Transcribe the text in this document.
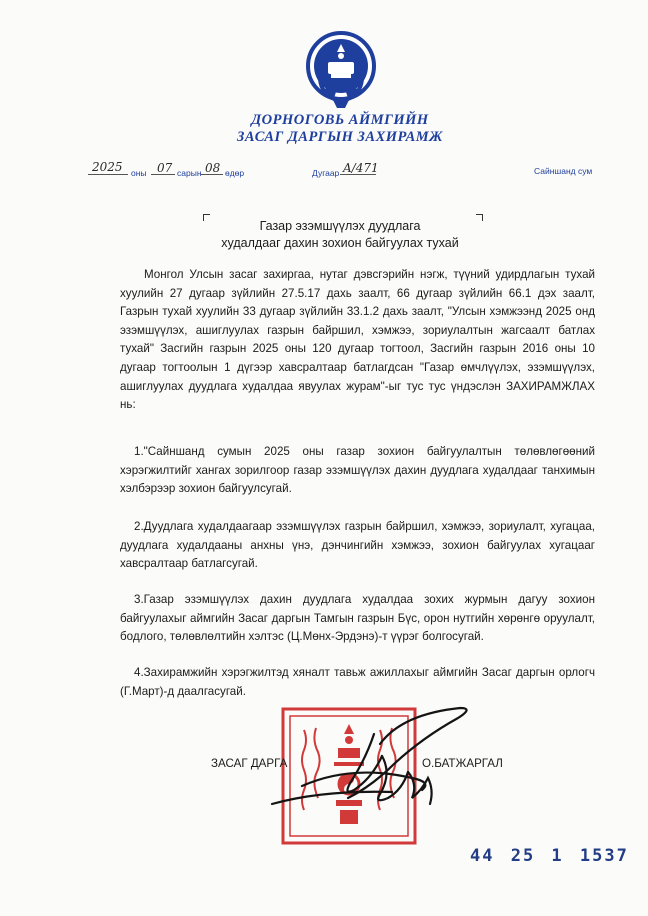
ДОРНОГОВЬ АЙМГИЙН
ЗАСАГ ДАРГЫН ЗАХИРАМЖ
2025 оны 07 сарын 08 өдөр	Дугаар A/471	Сайншанд сум
Газар эзэмшүүлэх дуудлага
худалдааг дахин зохион байгуулах тухай
Монгол Улсын засаг захиргаа, нутаг дэвсгэрийн нэгж, түүний удирдлагын тухай хуулийн 27 дугаар зүйлийн 27.5.17 дахь заалт, 66 дугаар зүйлийн 66.1 дэх заалт, Газрын тухай хуулийн 33 дугаар зүйлийн 33.1.2 дахь заалт, "Улсын хэмжээнд 2025 онд эзэмшүүлэх, ашиглуулах газрын байршил, хэмжээ, зориулалтын жагсаалт батлах тухай" Засгийн газрын 2025 оны 120 дугаар тогтоол, Засгийн газрын 2016 оны 10 дугаар тогтоолын 1 дүгээр хавсралтаар батлагдсан "Газар өмчлүүлэх, эзэмшүүлэх, ашиглуулах дуудлага худалдаа явуулах журам"-ыг тус тус үндэслэн ЗАХИРАМЖЛАХ нь:
1."Сайншанд сумын 2025 оны газар зохион байгуулалтын төлөвлөгөөний хэрэгжилтийг хангах зорилгоор газар эзэмшүүлэх дахин дуудлага худалдааг танхимын хэлбэрээр зохион байгуулсугай.
2.Дуудлага худалдаагаар эзэмшүүлэх газрын байршил, хэмжээ, зориулалт, хугацаа, дуудлага худалдааны анхны үнэ, дэнчингийн хэмжээ, зохион байгуулах хугацааг хавсралтаар батлагсугай.
3.Газар эзэмшүүлэх дахин дуудлага худалдаа зохих журмын дагуу зохион байгуулахыг аймгийн Засаг даргын Тамгын газрын Бүс, орон нутгийн хөрөнгө оруулалт, бодлого, төлөвлөлтийн хэлтэс (Ц.Мөнх-Эрдэнэ)-т үүрэг болгосугай.
4.Захирамжийн хэрэгжилтэд хяналт тавьж ажиллахыг аймгийн Засаг даргын орлогч (Г.Март)-д даалгасугай.
ЗАСАГ ДАРГА	О.БАТЖАРГАЛ
44 25 1 1537
